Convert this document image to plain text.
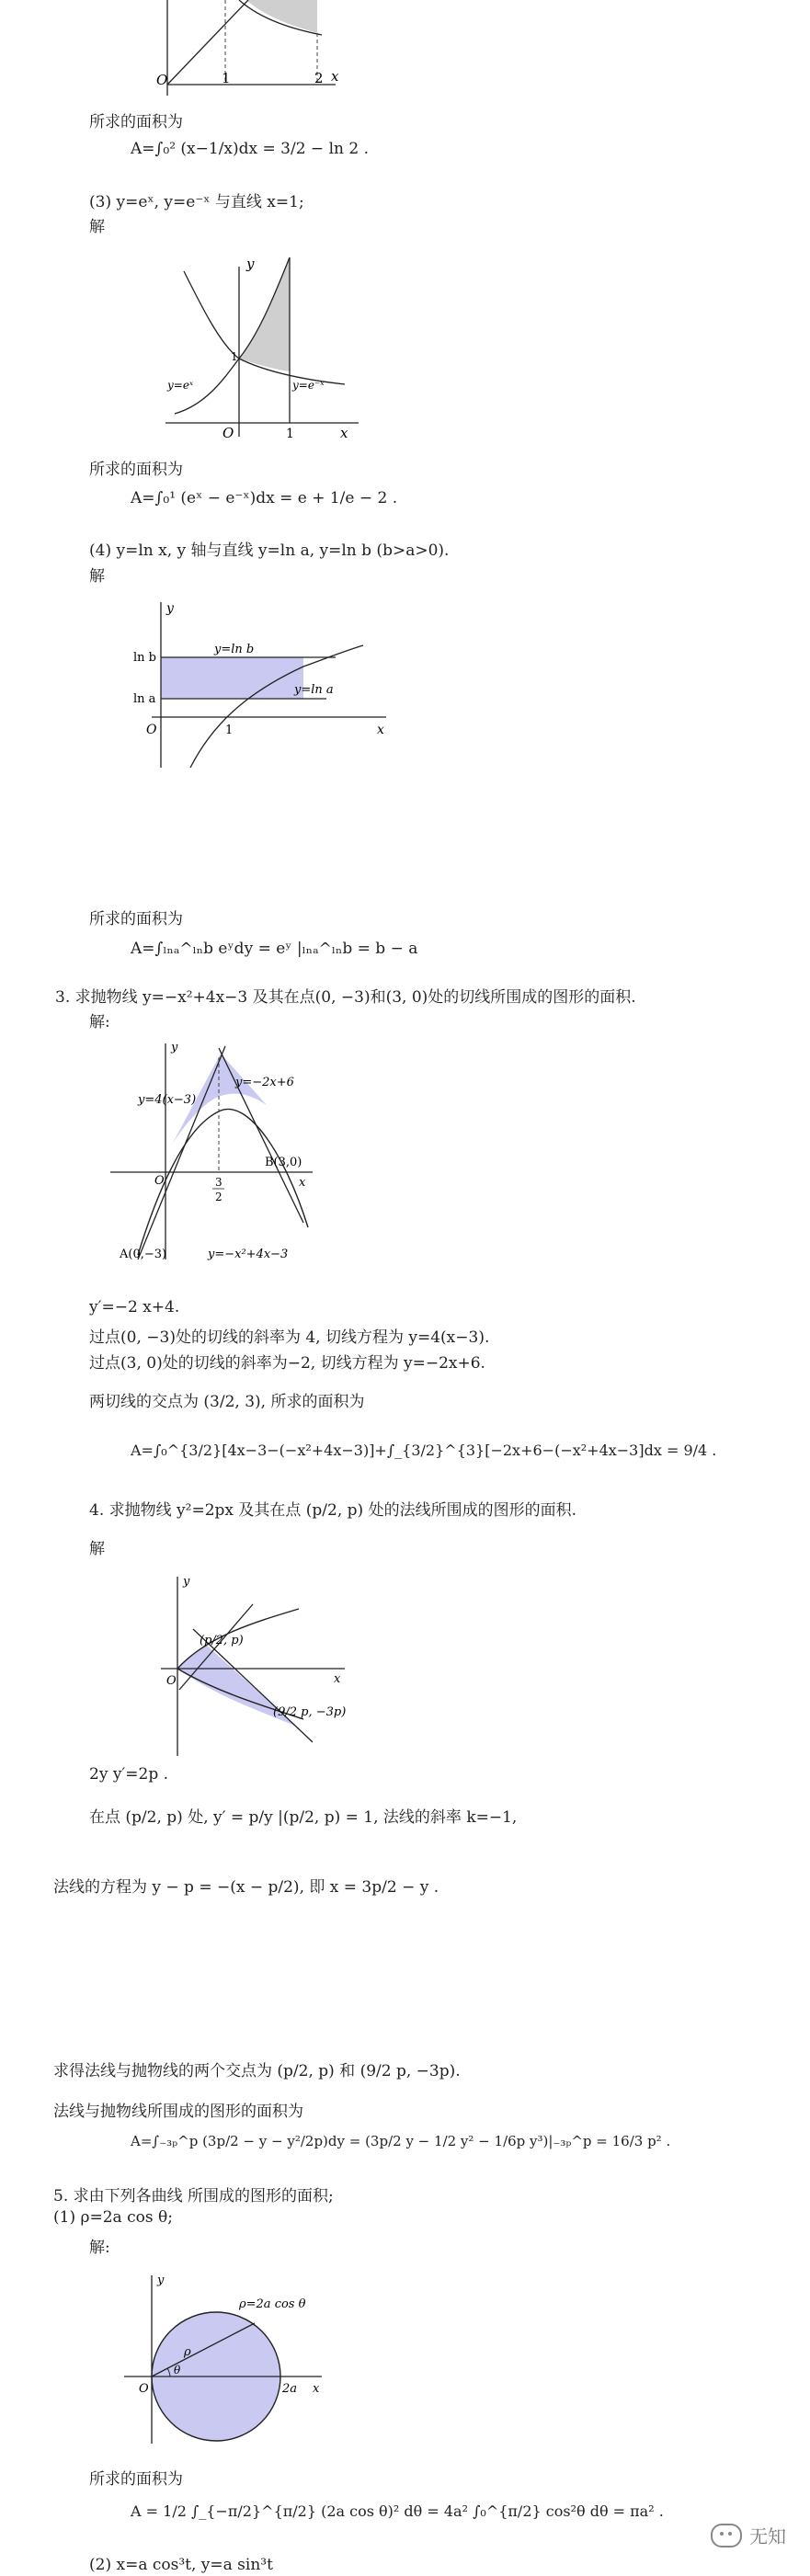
O	1	2 x
所求的面积为
A=∫₀² (x−1/x)dx = 3/2 − ln 2 .
(3) y=eˣ, y=e⁻ˣ 与直线 x=1;
解
y
O	1	x
1
y=eˣ	y=e⁻ˣ
所求的面积为
A=∫₀¹ (eˣ − e⁻ˣ)dx = e + 1/e − 2 .
(4) y=ln x, y 轴与直线 y=ln a, y=ln b (b>a>0).
解
y
x
O	1
ln b
ln a
y=ln b
y=ln a
所求的面积为
A=∫ₗₙₐ^ₗₙb eʸdy = eʸ |ₗₙₐ^ₗₙb = b − a
3. 求抛物线 y=−x²+4x−3 及其在点(0, −3)和(3, 0)处的切线所围成的图形的面积.
解:
y
x
O
y=4(x−3)
y=−2x+6
B(3,0)
A(0,−3)	y=−x²+4x−3
3
2
y′=−2 x+4.
过点(0, −3)处的切线的斜率为 4, 切线方程为 y=4(x−3).
过点(3, 0)处的切线的斜率为−2, 切线方程为 y=−2x+6.
两切线的交点为 (3/2, 3), 所求的面积为
A=∫₀^{3/2}[4x−3−(−x²+4x−3)]+∫_{3/2}^{3}[−2x+6−(−x²+4x−3]dx = 9/4 .
4. 求抛物线 y²=2px 及其在点 (p/2, p) 处的法线所围成的图形的面积.
解
y
x
O
(p/2, p)
(9/2 p, −3p)
2y y′=2p .
在点 (p/2, p) 处, y′ = p/y |(p/2, p) = 1, 法线的斜率 k=−1,
法线的方程为 y − p = −(x − p/2), 即 x = 3p/2 − y .
求得法线与抛物线的两个交点为 (p/2, p) 和 (9/2 p, −3p).
法线与抛物线所围成的图形的面积为
A=∫₋₃ₚ^p (3p/2 − y − y²/2p)dy = (3p/2 y − 1/2 y² − 1/6p y³)|₋₃ₚ^p = 16/3 p² .
5. 求由下列各曲线 所围成的图形的面积;
(1) ρ=2a cos θ;
解:
y
x
O	2a
ρ
θ
ρ=2a cos θ
所求的面积为
A = 1/2 ∫_{−π/2}^{π/2} (2a cos θ)² dθ = 4a² ∫₀^{π/2} cos²θ dθ = πa² .
(2) x=a cos³t, y=a sin³t
无知
